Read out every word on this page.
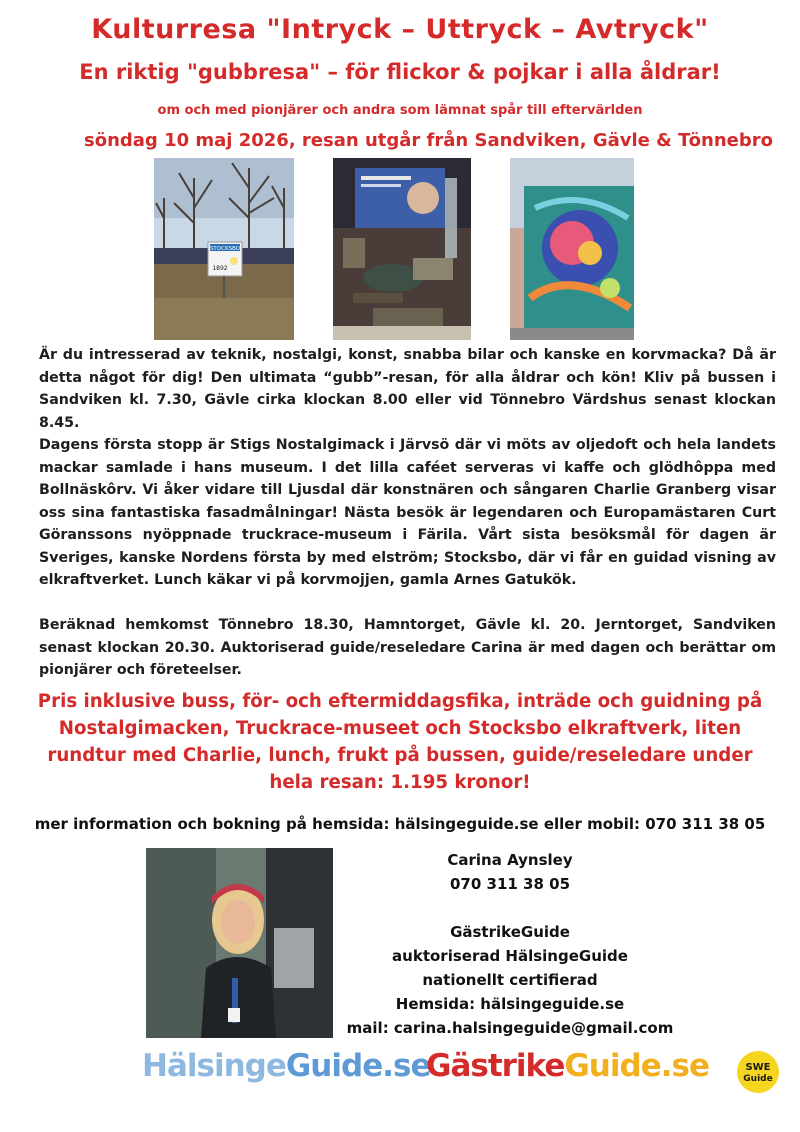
Kulturresa "Intryck – Uttryck – Avtryck"
En riktig "gubbresa" – för flickor & pojkar i alla åldrar!
om och med pionjärer och andra som lämnat spår till eftervärlden
söndag 10 maj 2026, resan utgår från Sandviken, Gävle & Tönnebro
STOCKSBO
1892

Är du intresserad av teknik, nostalgi, konst, snabba bilar och kanske en korvmacka? Då är detta något för dig! Den ultimata “gubb”-resan, för alla åldrar och kön! Kliv på bussen i Sandviken kl. 7.30, Gävle cirka klockan 8.00 eller vid Tönnebro Värdshus senast klockan 8.45.

Dagens första stopp är Stigs Nostalgimack i Järvsö där vi möts av oljedoft och hela landets mackar samlade i hans museum. I det lilla caféet serveras vi kaffe och glödhôppa med Bollnäskôrv. Vi åker vidare till Ljusdal där konstnären och sångaren Charlie Granberg visar oss sina fantastiska fasadmålningar! Nästa besök är legendaren och Europamästaren Curt Göranssons nyöppnade truckrace-museum i Färila. Vårt sista besöksmål för dagen är Sveriges, kanske Nordens första by med elström; Stocksbo, där vi får en guidad visning av elkraftverket. Lunch käkar vi på korvmojjen, gamla Arnes Gatukök.

Beräknad hemkomst Tönnebro 18.30, Hamntorget, Gävle kl. 20. Jerntorget, Sandviken senast klockan 20.30. Auktoriserad guide/reseledare Carina är med dagen och berättar om pionjärer och företeelser.

Pris inklusive buss, för- och eftermiddagsfika, inträde och guidning på Nostalgimacken, Truckrace-museet och Stocksbo elkraftverk, liten rundtur med Charlie, lunch, frukt på bussen, guide/reseledare under hela resan: 1.195 kronor!

mer information och bokning på hemsida: hälsingeguide.se eller mobil: 070 311 38 05
Carina Aynsley
070 311 38 05
GästrikeGuide
auktoriserad HälsingeGuide
nationellt certifierad
Hemsida: hälsingeguide.se
mail: carina.halsingeguide@gmail.com
HälsingeGuide.se
GästrikeGuide.se	SWE
Guide
